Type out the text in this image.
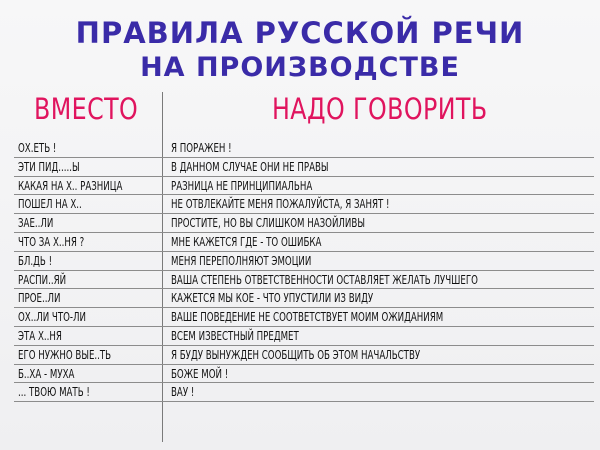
ПРАВИЛА РУССКОЙ РЕЧИ
НА ПРОИЗВОДСТВЕ
ВМЕСТО	НАДО ГОВОРИТЬ
ОХ.ЕТЬ !	Я ПОРАЖЕН !
ЭТИ ПИД.....Ы	В ДАННОМ СЛУЧАЕ ОНИ НЕ ПРАВЫ
КАКАЯ НА Х.. РАЗНИЦА	РАЗНИЦА НЕ ПРИНЦИПИАЛЬНА
ПОШЕЛ НА Х..	НЕ ОТВЛЕКАЙТЕ МЕНЯ ПОЖАЛУЙСТА, Я ЗАНЯТ !
ЗАЕ..ЛИ	ПРОСТИТЕ, НО ВЫ СЛИШКОМ НАЗОЙЛИВЫ
ЧТО ЗА Х..НЯ ?	МНЕ КАЖЕТСЯ ГДЕ - ТО ОШИБКА
БЛ.ДЬ !	МЕНЯ ПЕРЕПОЛНЯЮТ ЭМОЦИИ
РАСПИ..ЯЙ	ВАША СТЕПЕНЬ ОТВЕТСТВЕННОСТИ ОСТАВЛЯЕТ ЖЕЛАТЬ ЛУЧШЕГО
ПРОЕ..ЛИ	КАЖЕТСЯ МЫ КОЕ - ЧТО УПУСТИЛИ ИЗ ВИДУ
ОХ..ЛИ ЧТО-ЛИ	ВАШЕ ПОВЕДЕНИЕ НЕ СООТВЕТСТВУЕТ МОИМ ОЖИДАНИЯМ
ЭТА Х..НЯ	ВСЕМ ИЗВЕСТНЫЙ ПРЕДМЕТ
ЕГО НУЖНО ВЫЕ..ТЬ	Я БУДУ ВЫНУЖДЕН СООБЩИТЬ ОБ ЭТОМ НАЧАЛЬСТВУ
Б..ХА - МУХА	БОЖЕ МОЙ !
... ТВОЮ МАТЬ !	ВАУ !
